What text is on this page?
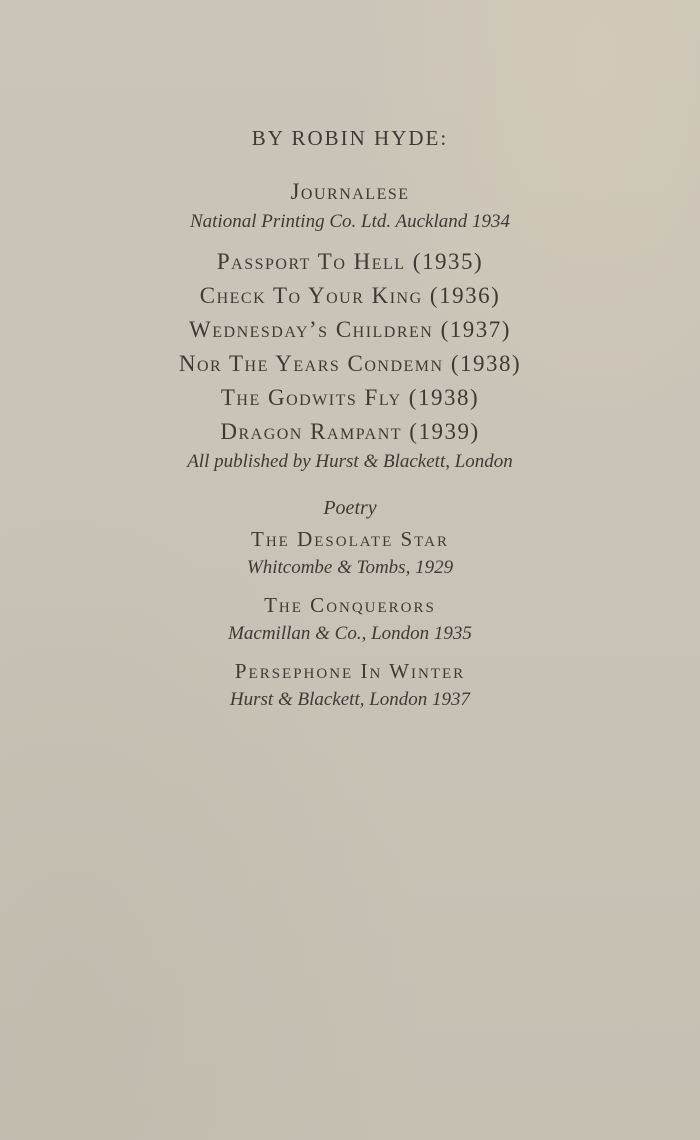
BY ROBIN HYDE:
Journalese
National Printing Co. Ltd. Auckland 1934
Passport To Hell (1935)
Check To Your King (1936)
Wednesday’s Children (1937)
Nor The Years Condemn (1938)
The Godwits Fly (1938)
Dragon Rampant (1939)
All published by Hurst & Blackett, London
Poetry
The Desolate Star
Whitcombe & Tombs, 1929
The Conquerors
Macmillan & Co., London 1935
Persephone In Winter
Hurst & Blackett, London 1937
